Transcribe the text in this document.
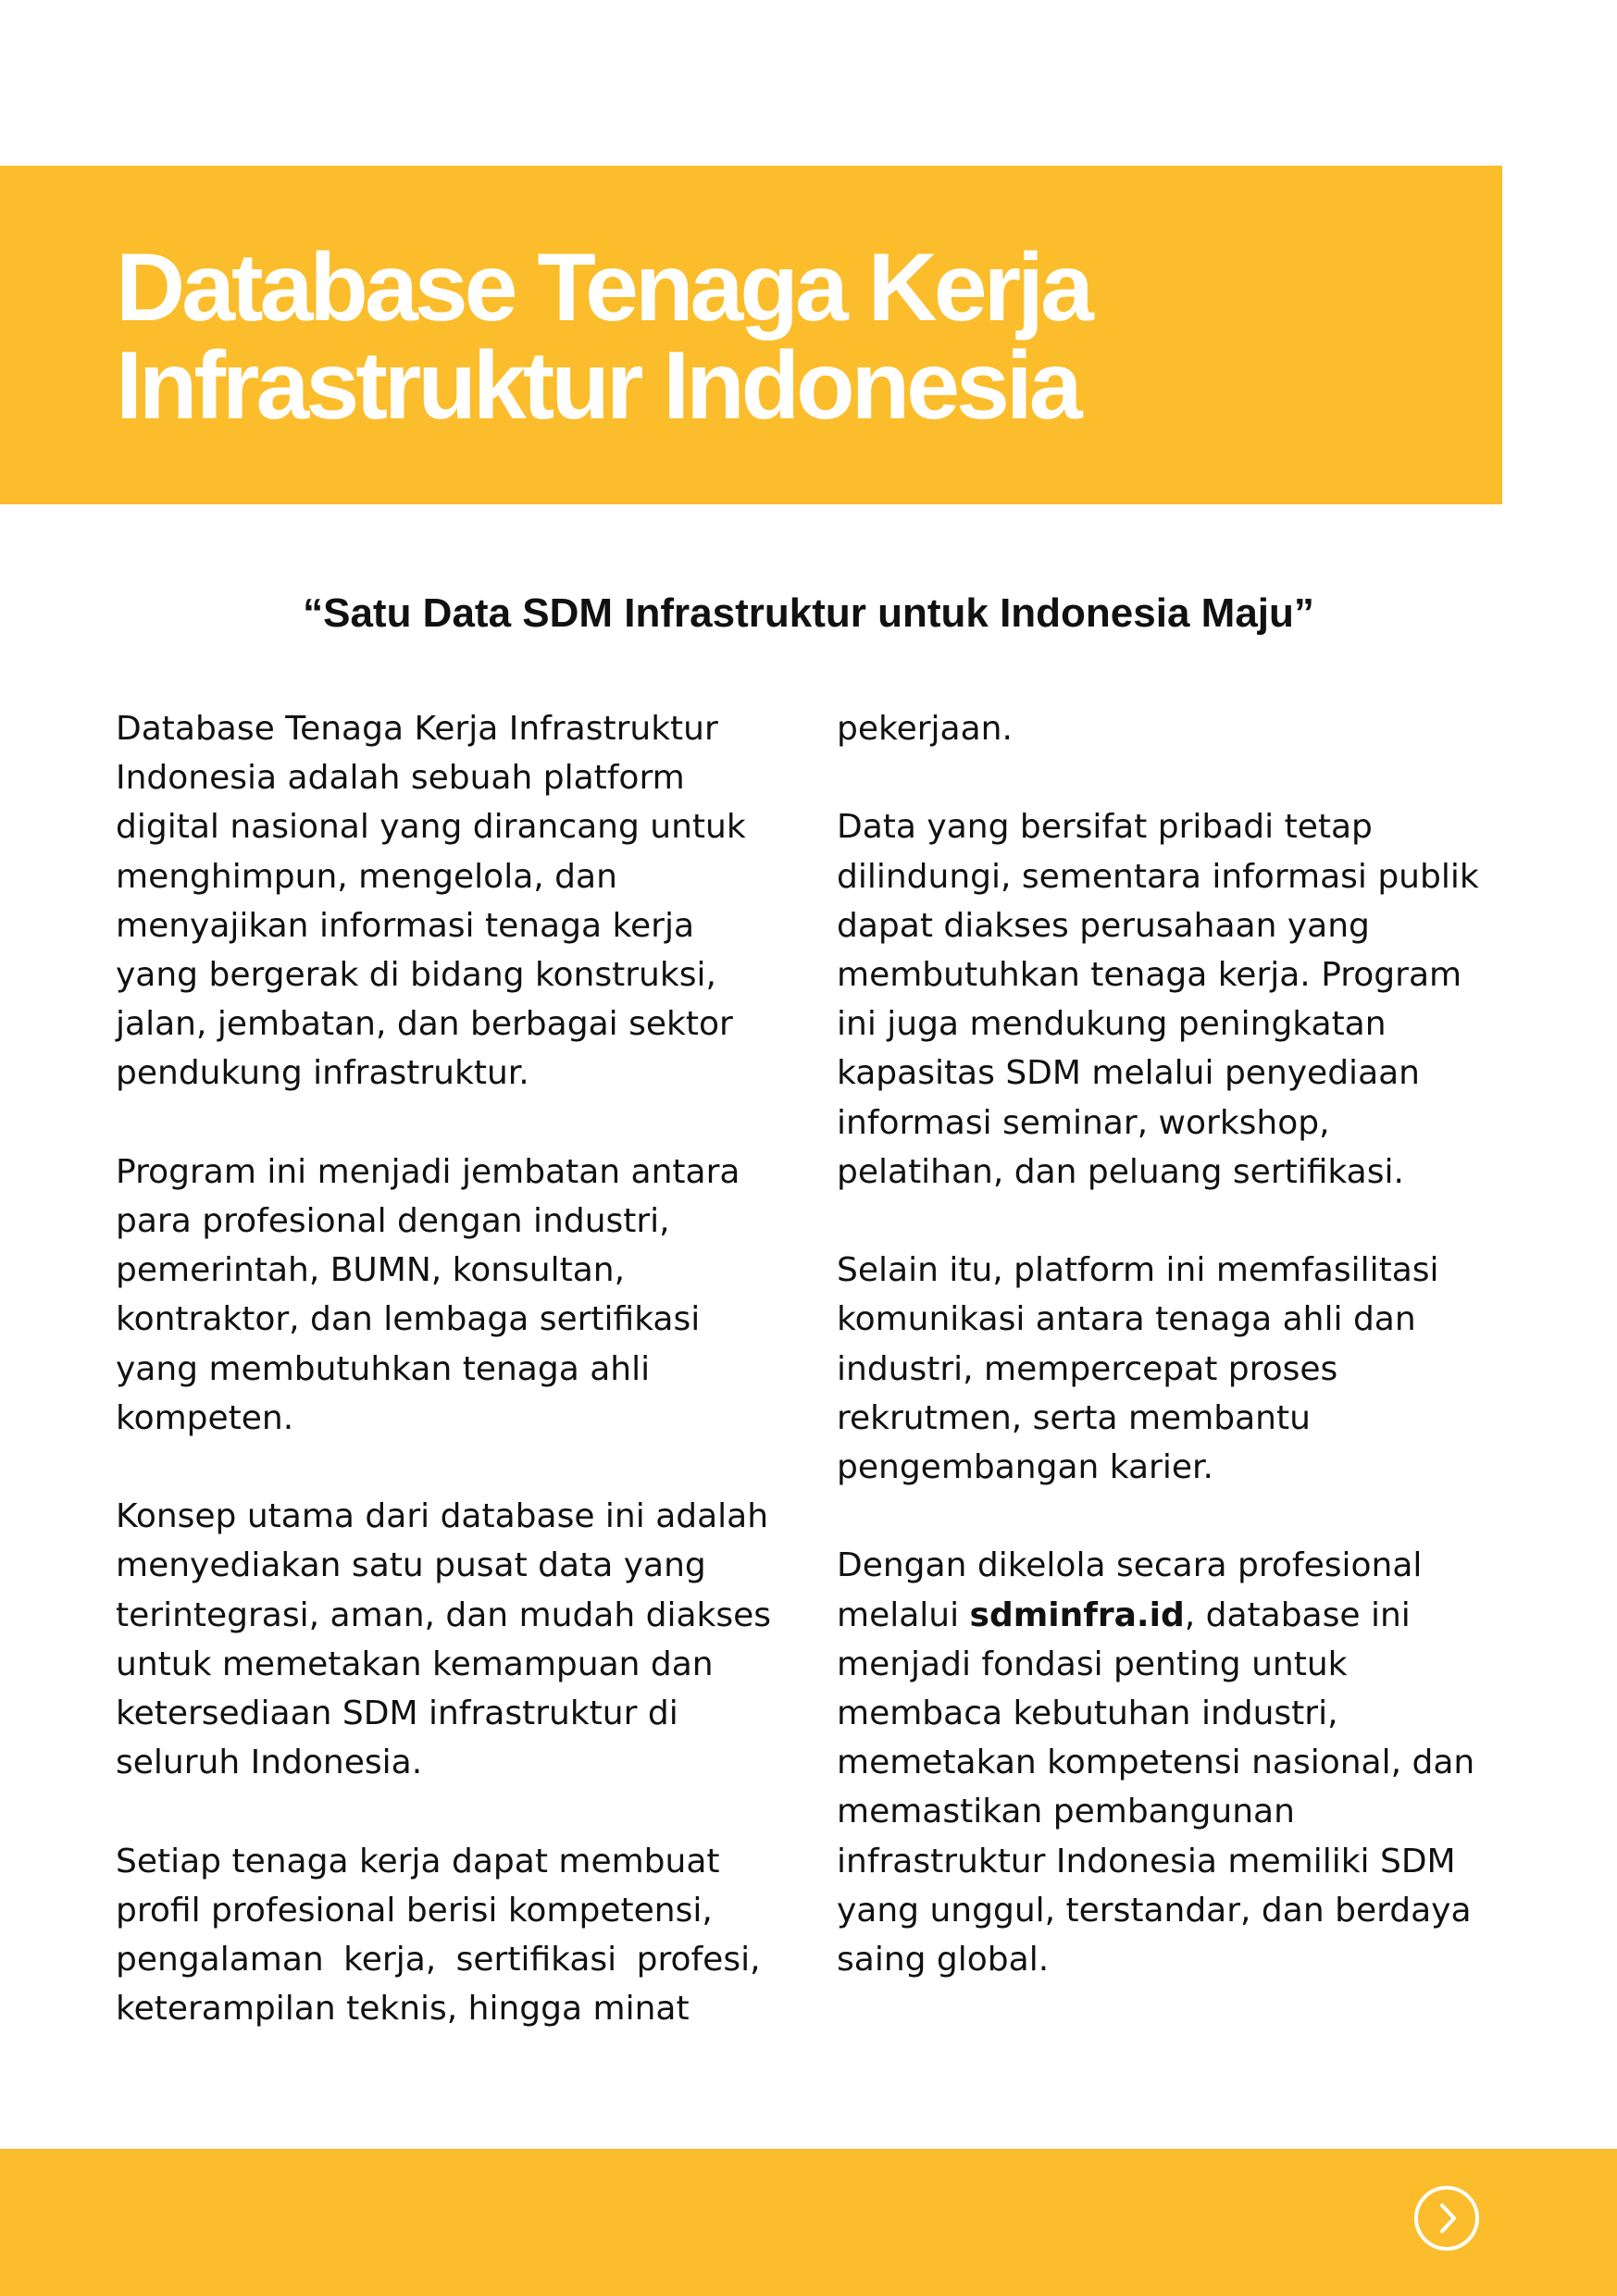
Database Tenaga Kerja
Infrastruktur Indonesia

“Satu Data SDM Infrastruktur untuk Indonesia Maju”

Database Tenaga Kerja Infrastruktur
Indonesia adalah sebuah platform
digital nasional yang dirancang untuk
menghimpun, mengelola, dan
menyajikan informasi tenaga kerja
yang bergerak di bidang konstruksi,
jalan, jembatan, dan berbagai sektor
pendukung infrastruktur.

Program ini menjadi jembatan antara
para profesional dengan industri,
pemerintah, BUMN, konsultan,
kontraktor, dan lembaga sertifikasi
yang membutuhkan tenaga ahli
kompeten.

Konsep utama dari database ini adalah
menyediakan satu pusat data yang
terintegrasi, aman, dan mudah diakses
untuk memetakan kemampuan dan
ketersediaan SDM infrastruktur di
seluruh Indonesia.

Setiap tenaga kerja dapat membuat
profil profesional berisi kompetensi,
pengalaman kerja, sertifikasi profesi,
keterampilan teknis, hingga minat

pekerjaan.

Data yang bersifat pribadi tetap
dilindungi, sementara informasi publik
dapat diakses perusahaan yang
membutuhkan tenaga kerja. Program
ini juga mendukung peningkatan
kapasitas SDM melalui penyediaan
informasi seminar, workshop,
pelatihan, dan peluang sertifikasi.

Selain itu, platform ini memfasilitasi
komunikasi antara tenaga ahli dan
industri, mempercepat proses
rekrutmen, serta membantu
pengembangan karier.

Dengan dikelola secara profesional
melalui sdminfra.id, database ini
menjadi fondasi penting untuk
membaca kebutuhan industri,
memetakan kompetensi nasional, dan
memastikan pembangunan
infrastruktur Indonesia memiliki SDM
yang unggul, terstandar, dan berdaya
saing global.
